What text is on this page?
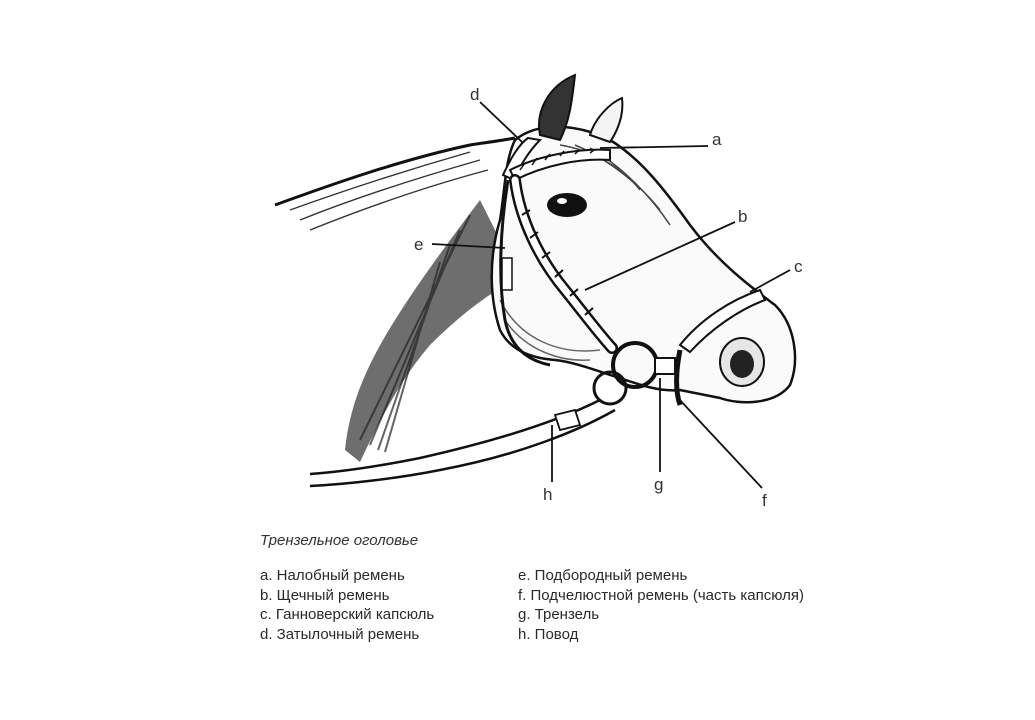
a
b
c
d
e
f
g
h
Трензельное оголовье
a. Налобный ремень
b. Щечный ремень
c. Ганноверский капсюль
d. Затылочный ремень
e. Подбородный ремень
f. Подчелюстной ремень (часть капсюля)
g. Трензель
h. Повод
